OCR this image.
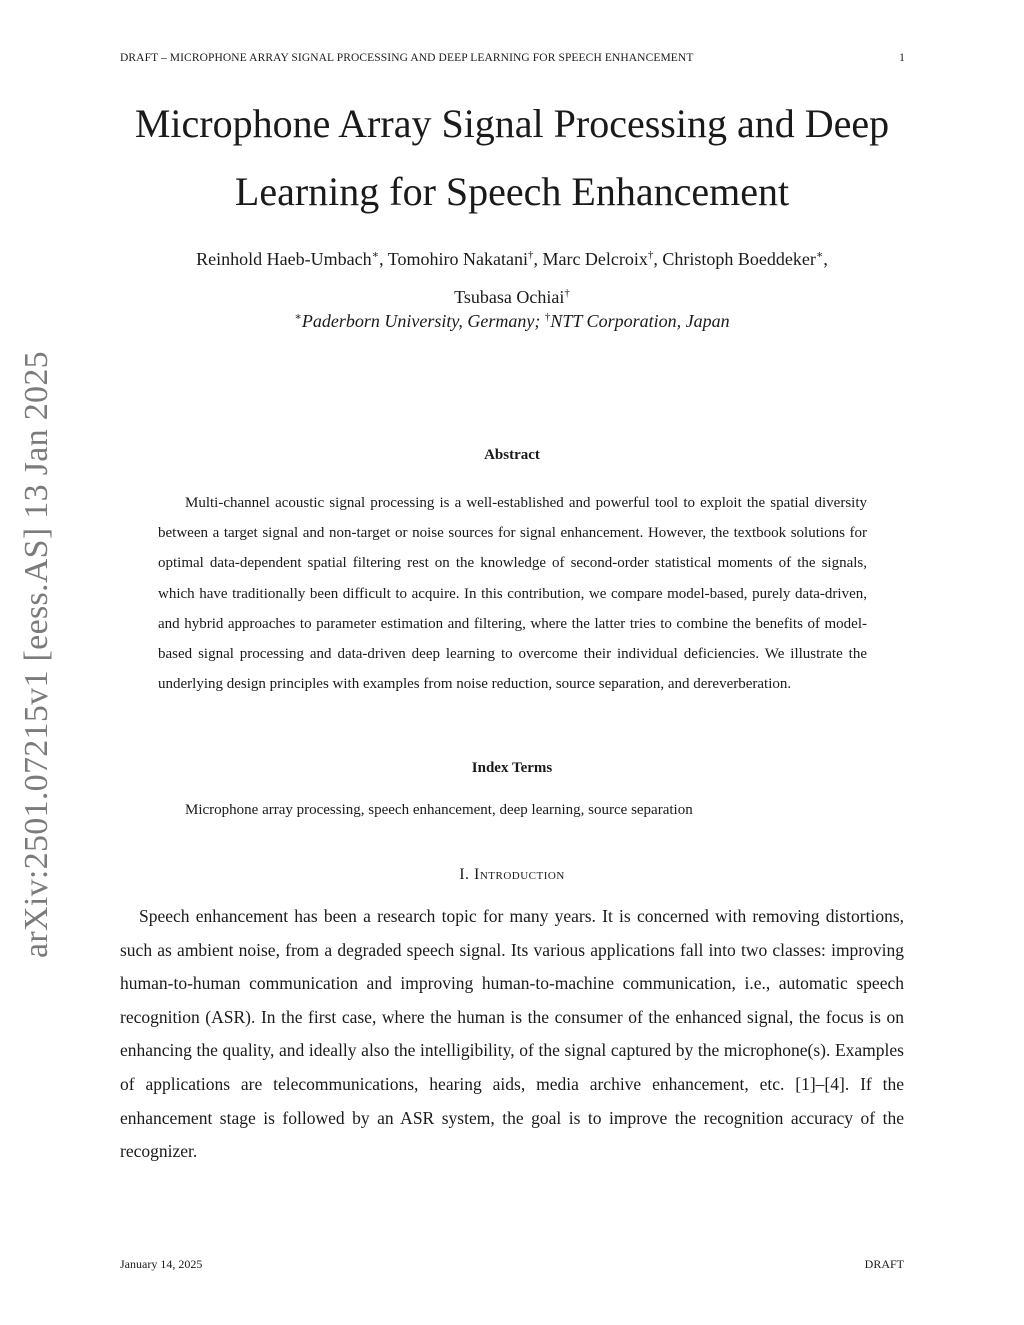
DRAFT – MICROPHONE ARRAY SIGNAL PROCESSING AND DEEP LEARNING FOR SPEECH ENHANCEMENT	1
arXiv:2501.07215v1 [eess.AS] 13 Jan 2025
Microphone Array Signal Processing and Deep Learning for Speech Enhancement
Reinhold Haeb-Umbach∗, Tomohiro Nakatani†, Marc Delcroix†, Christoph Boeddeker∗,
Tsubasa Ochiai†
∗Paderborn University, Germany; †NTT Corporation, Japan
Abstract

Multi-channel acoustic signal processing is a well-established and powerful tool to exploit the spatial diversity between a target signal and non-target or noise sources for signal enhancement. However, the textbook solutions for optimal data-dependent spatial filtering rest on the knowledge of second-order statistical moments of the signals, which have traditionally been difficult to acquire. In this contribution, we compare model-based, purely data-driven, and hybrid approaches to parameter estimation and filtering, where the latter tries to combine the benefits of model-based signal processing and data-driven deep learning to overcome their individual deficiencies. We illustrate the underlying design principles with examples from noise reduction, source separation, and dereverberation.

Index Terms

Microphone array processing, speech enhancement, deep learning, source separation

I. Introduction

Speech enhancement has been a research topic for many years. It is concerned with removing distortions, such as ambient noise, from a degraded speech signal. Its various applications fall into two classes: improving human-to-human communication and improving human-to-machine communication, i.e., automatic speech recognition (ASR). In the first case, where the human is the consumer of the enhanced signal, the focus is on enhancing the quality, and ideally also the intelligibility, of the signal captured by the microphone(s). Examples of applications are telecommunications, hearing aids, media archive enhancement, etc. [1]–[4]. If the enhancement stage is followed by an ASR system, the goal is to improve the recognition accuracy of the recognizer.

January 14, 2025	DRAFT
